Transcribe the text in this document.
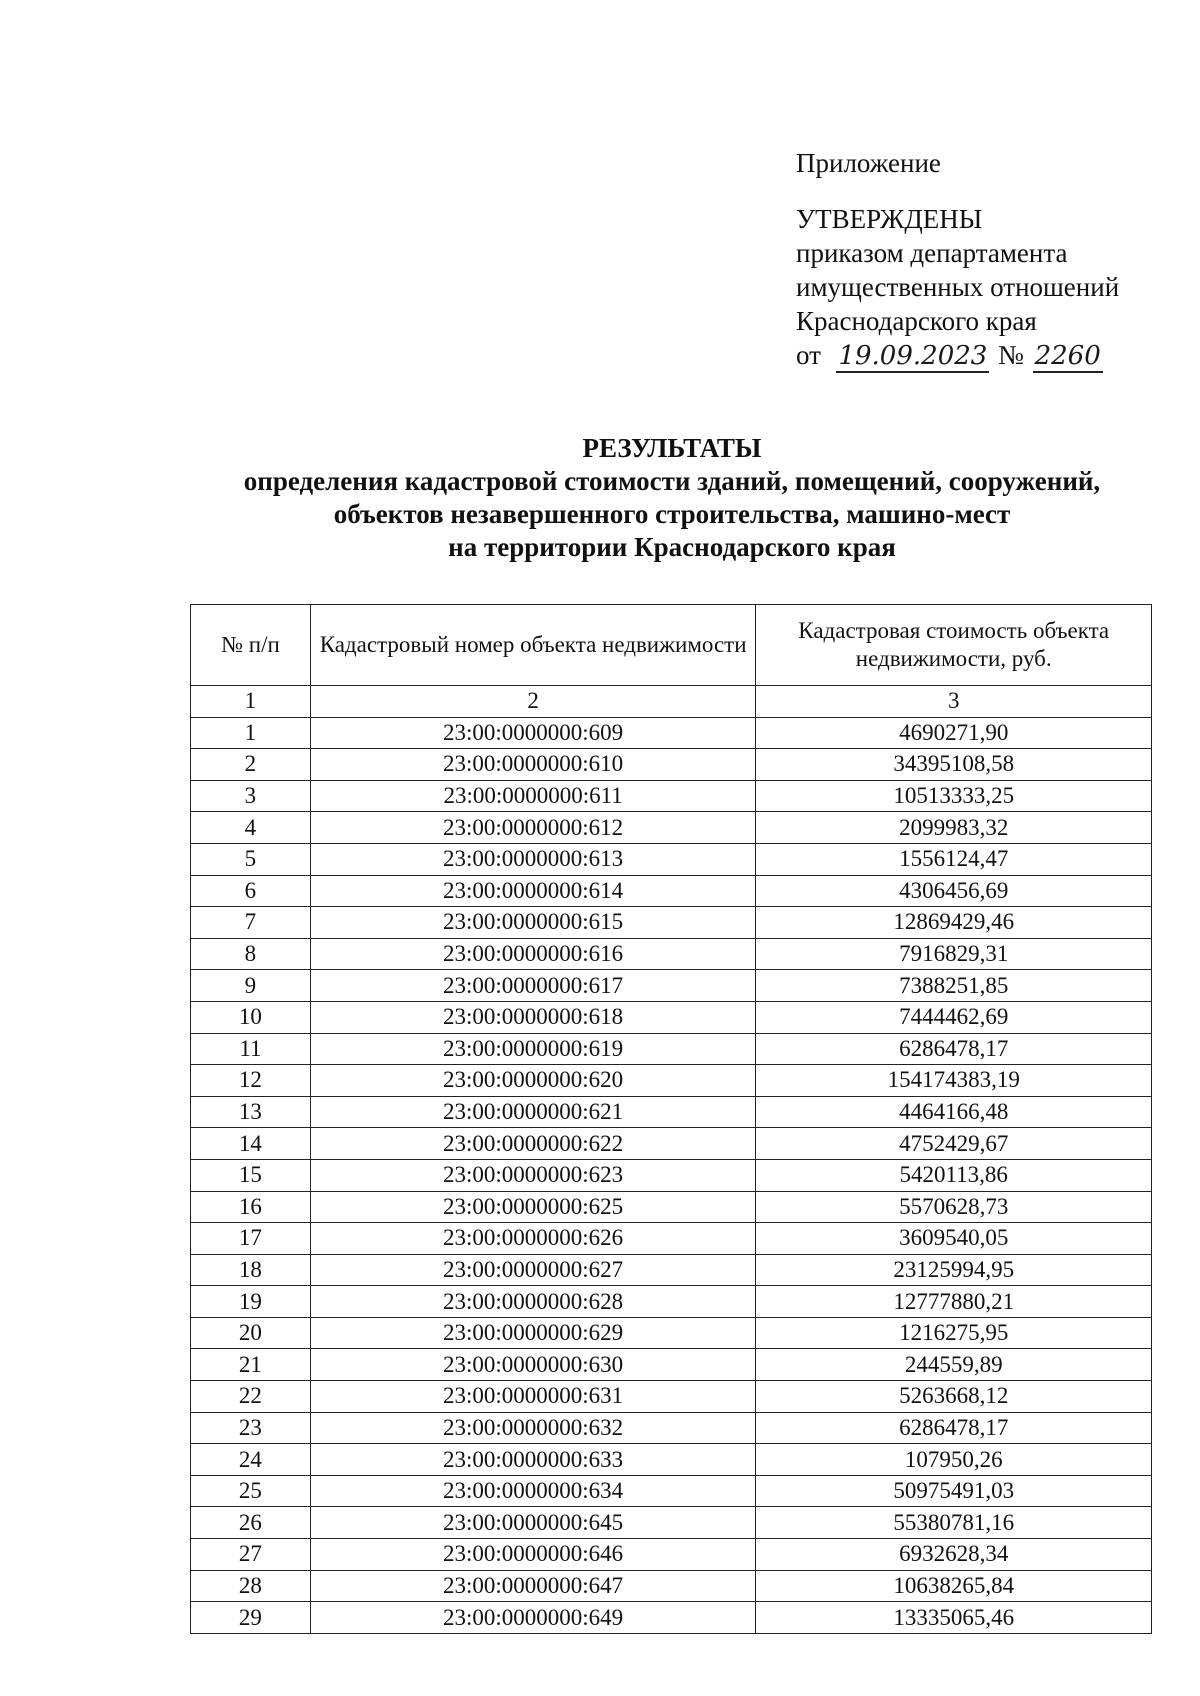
Приложение
УТВЕРЖДЕНЫ
приказом департамента
имущественных отношений
Краснодарского края
от 19.09.2023 № 2260
РЕЗУЛЬТАТЫ
определения кадастровой стоимости зданий, помещений, сооружений,
объектов незавершенного строительства, машино-мест
на территории Краснодарского края
№ п/п	Кадастровый номер объекта недвижимости	Кадастровая стоимость объекта недвижимости, руб.
1	2	3
1	23:00:0000000:609	4690271,90
2	23:00:0000000:610	34395108,58
3	23:00:0000000:611	10513333,25
4	23:00:0000000:612	2099983,32
5	23:00:0000000:613	1556124,47
6	23:00:0000000:614	4306456,69
7	23:00:0000000:615	12869429,46
8	23:00:0000000:616	7916829,31
9	23:00:0000000:617	7388251,85
10	23:00:0000000:618	7444462,69
11	23:00:0000000:619	6286478,17
12	23:00:0000000:620	154174383,19
13	23:00:0000000:621	4464166,48
14	23:00:0000000:622	4752429,67
15	23:00:0000000:623	5420113,86
16	23:00:0000000:625	5570628,73
17	23:00:0000000:626	3609540,05
18	23:00:0000000:627	23125994,95
19	23:00:0000000:628	12777880,21
20	23:00:0000000:629	1216275,95
21	23:00:0000000:630	244559,89
22	23:00:0000000:631	5263668,12
23	23:00:0000000:632	6286478,17
24	23:00:0000000:633	107950,26
25	23:00:0000000:634	50975491,03
26	23:00:0000000:645	55380781,16
27	23:00:0000000:646	6932628,34
28	23:00:0000000:647	10638265,84
29	23:00:0000000:649	13335065,46
